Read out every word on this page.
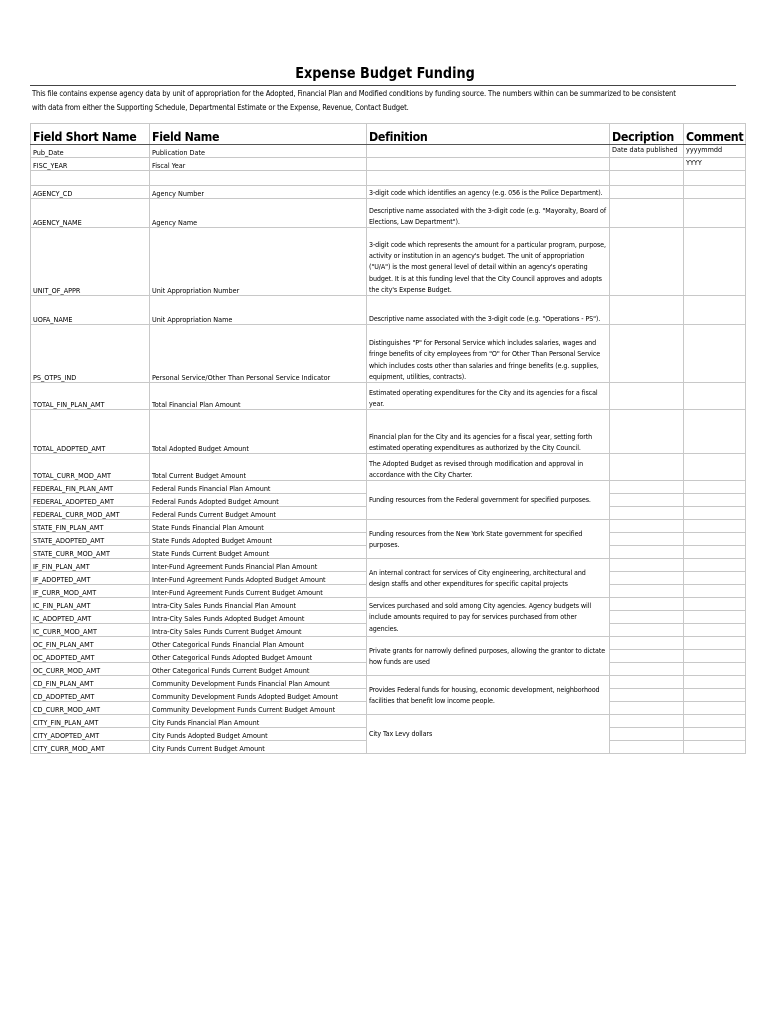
Expense Budget Funding
This file contains expense agency data by unit of appropriation for the Adopted, Financial Plan and Modified conditions by funding source. The numbers within can be summarized to be consistent with data from either the Supporting Schedule, Departmental Estimate or the Expense, Revenue, Contact Budget.
Field Short Name	Field Name	Definition	Decription	Comment
Pub_Date	Publication Date		Date data published	yyyymmdd
FISC_YEAR	Fiscal Year			YYYY

AGENCY_CD	Agency Number	3-digit code which identifies an agency (e.g. 056 is the Police Department).		
AGENCY_NAME	Agency Name	Descriptive name associated with the 3-digit code (e.g. "Mayoralty, Board of Elections, Law Department").		
UNIT_OF_APPR	Unit Appropriation Number	3-digit code which represents the amount for a particular program, purpose, activity or institution in an agency's budget. The unit of appropriation ("U/A") is the most general level of detail within an agency's operating budget. It is at this funding level that the City Council approves and adopts the city's Expense Budget.		
UOFA_NAME	Unit Appropriation Name	Descriptive name associated with the 3-digit code (e.g. "Operations - PS").		
PS_OTPS_IND	Personal Service/Other Than Personal Service Indicator	Distinguishes "P" for Personal Service which includes salaries, wages and fringe benefits of city employees from "O" for Other Than Personal Service which includes costs other than salaries and fringe benefits (e.g. supplies, equipment, utilities, contracts).		
TOTAL_FIN_PLAN_AMT	Total Financial Plan Amount	Estimated operating expenditures for the City and its agencies for a fiscal year.		
TOTAL_ADOPTED_AMT	Total Adopted Budget Amount	Financial plan for the City and its agencies for a fiscal year, setting forth estimated operating expenditures as authorized by the City Council.		
TOTAL_CURR_MOD_AMT	Total Current Budget Amount	The Adopted Budget as revised through modification and approval in accordance with the City Charter.		
FEDERAL_FIN_PLAN_AMT	Federal Funds Financial Plan Amount	Funding resources from the Federal government for specified purposes.		
FEDERAL_ADOPTED_AMT	Federal Funds Adopted Budget Amount			
FEDERAL_CURR_MOD_AMT	Federal Funds Current Budget Amount			
STATE_FIN_PLAN_AMT	State Funds Financial Plan Amount	Funding resources from the New York State government for specified purposes.		
STATE_ADOPTED_AMT	State Funds Adopted Budget Amount			
STATE_CURR_MOD_AMT	State Funds Current Budget Amount			
IF_FIN_PLAN_AMT	Inter-Fund Agreement Funds Financial Plan Amount	An internal contract for services of City engineering, architectural and design staffs and other expenditures for specific capital projects		
IF_ADOPTED_AMT	Inter-Fund Agreement Funds Adopted Budget Amount			
IF_CURR_MOD_AMT	Inter-Fund Agreement Funds Current Budget Amount			
IC_FIN_PLAN_AMT	Intra-City Sales Funds Financial Plan Amount	Services purchased and sold among City agencies. Agency budgets will include amounts required to pay for services purchased from other agencies.		
IC_ADOPTED_AMT	Intra-City Sales Funds Adopted Budget Amount			
IC_CURR_MOD_AMT	Intra-City Sales Funds Current Budget Amount			
OC_FIN_PLAN_AMT	Other Categorical Funds Financial Plan Amount	Private grants for narrowly defined purposes, allowing the grantor to dictate how funds are used		
OC_ADOPTED_AMT	Other Categorical Funds Adopted Budget Amount			
OC_CURR_MOD_AMT	Other Categorical Funds Current Budget Amount			
CD_FIN_PLAN_AMT	Community Development Funds Financial Plan Amount	Provides Federal funds for housing, economic development, neighborhood facilities that benefit low income people.		
CD_ADOPTED_AMT	Community Development Funds Adopted Budget Amount			
CD_CURR_MOD_AMT	Community Development Funds Current Budget Amount			
CITY_FIN_PLAN_AMT	City Funds Financial Plan Amount	City Tax Levy dollars		
CITY_ADOPTED_AMT	City Funds Adopted Budget Amount			
CITY_CURR_MOD_AMT	City Funds Current Budget Amount			
